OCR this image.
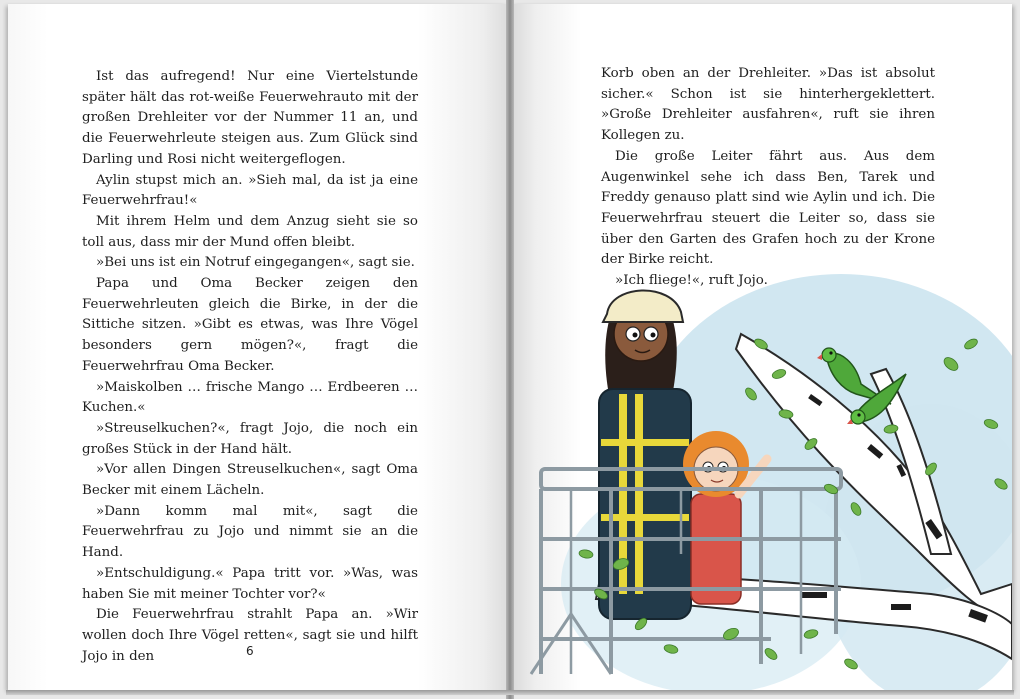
Ist das aufregend! Nur eine Viertelstunde später hält das rot-weiße Feuerwehrauto mit der großen Drehleiter vor der Nummer 11 an, und die Feuerwehrleute steigen aus. Zum Glück sind Darling und Rosi nicht weitergeflogen.

Aylin stupst mich an. »Sieh mal, da ist ja eine Feuerwehrfrau!«

Mit ihrem Helm und dem Anzug sieht sie so toll aus, dass mir der Mund offen bleibt.

»Bei uns ist ein Notruf eingegangen«, sagt sie.

Papa und Oma Becker zeigen den Feuerwehrleuten gleich die Birke, in der die Sittiche sitzen. »Gibt es etwas, was Ihre Vögel besonders gern mögen?«, fragt die Feuerwehrfrau Oma Becker.

»Maiskolben … frische Mango … Erdbeeren … Kuchen.«

»Streuselkuchen?«, fragt Jojo, die noch ein großes Stück in der Hand hält.

»Vor allen Dingen Streuselkuchen«, sagt Oma Becker mit einem Lächeln.

»Dann komm mal mit«, sagt die Feuerwehrfrau zu Jojo und nimmt sie an die Hand.

»Entschuldigung.« Papa tritt vor. »Was, was haben Sie mit meiner Tochter vor?«

Die Feuerwehrfrau strahlt Papa an. »Wir wollen doch Ihre Vögel retten«, sagt sie und hilft Jojo in den	6

Korb oben an der Drehleiter. »Das ist absolut sicher.« Schon ist sie hinterhergeklettert. »Große Drehleiter ausfahren«, ruft sie ihren Kollegen zu.

Die große Leiter fährt aus. Aus dem Augenwinkel sehe ich dass Ben, Tarek und Freddy genauso platt sind wie Aylin und ich. Die Feuerwehrfrau steuert die Leiter so, dass sie über den Garten des Grafen hoch zu der Krone der Birke reicht.

»Ich fliege!«, ruft Jojo.
